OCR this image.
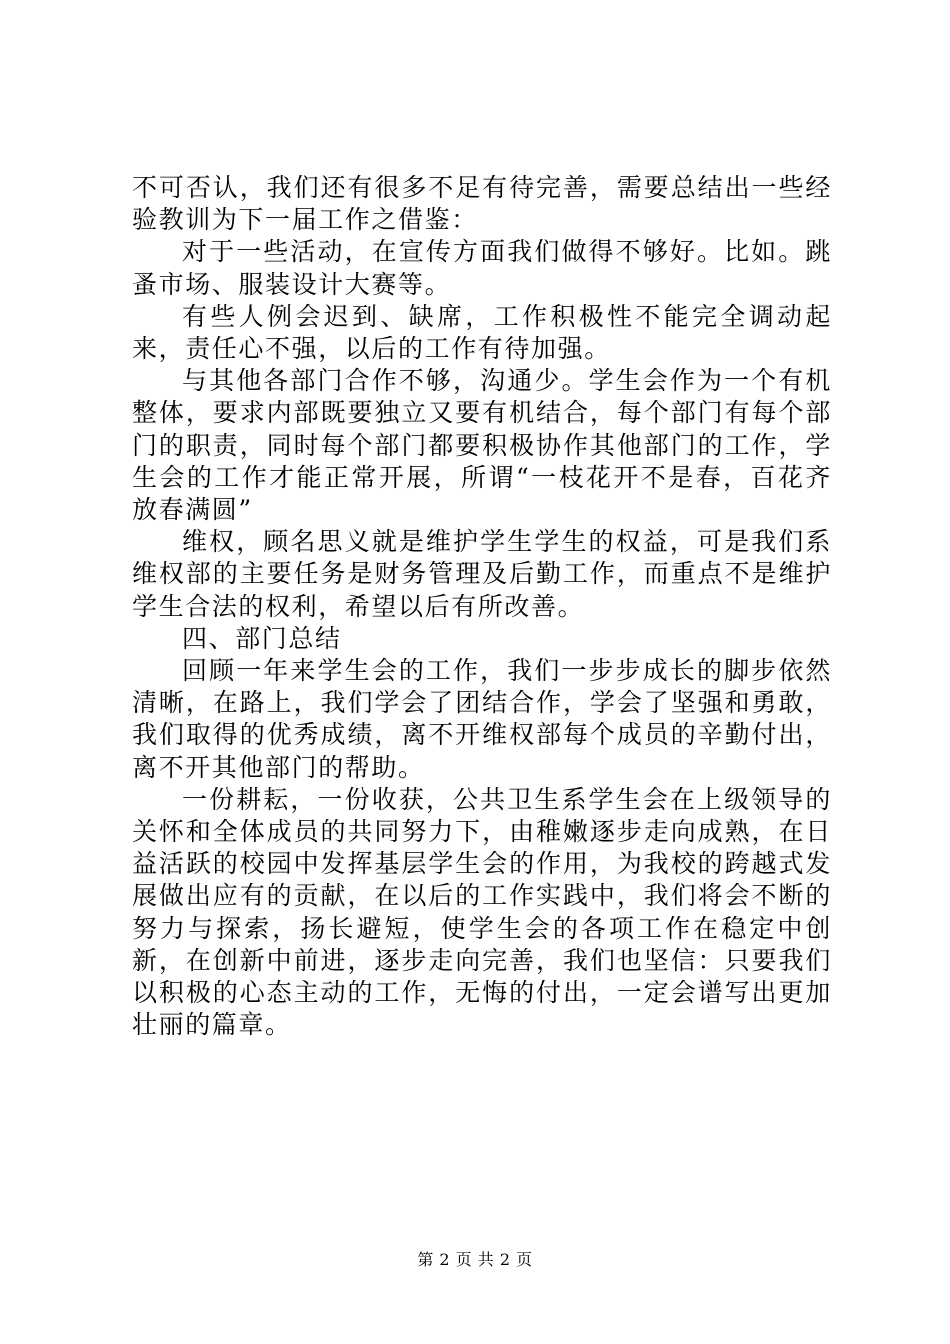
不可否认，我们还有很多不足有待完善，需要总结出一些经验教训为下一届工作之借鉴：

对于一些活动，在宣传方面我们做得不够好。比如。跳蚤市场、服装设计大赛等。

有些人例会迟到、缺席，工作积极性不能完全调动起来，责任心不强，以后的工作有待加强。

与其他各部门合作不够，沟通少。学生会作为一个有机整体，要求内部既要独立又要有机结合，每个部门有每个部门的职责，同时每个部门都要积极协作其他部门的工作，学生会的工作才能正常开展，所谓“一枝花开不是春，百花齐放春满圆”

维权，顾名思义就是维护学生学生的权益，可是我们系维权部的主要任务是财务管理及后勤工作，而重点不是维护学生合法的权利，希望以后有所改善。

四、部门总结

回顾一年来学生会的工作，我们一步步成长的脚步依然清晰，在路上，我们学会了团结合作，学会了坚强和勇敢，我们取得的优秀成绩，离不开维权部每个成员的辛勤付出，离不开其他部门的帮助。

一份耕耘，一份收获，公共卫生系学生会在上级领导的关怀和全体成员的共同努力下，由稚嫩逐步走向成熟，在日益活跃的校园中发挥基层学生会的作用，为我校的跨越式发展做出应有的贡献，在以后的工作实践中，我们将会不断的努力与探索，扬长避短，使学生会的各项工作在稳定中创新，在创新中前进，逐步走向完善，我们也坚信：只要我们以积极的心态主动的工作，无悔的付出，一定会谱写出更加壮丽的篇章。

第 2 页 共 2 页
